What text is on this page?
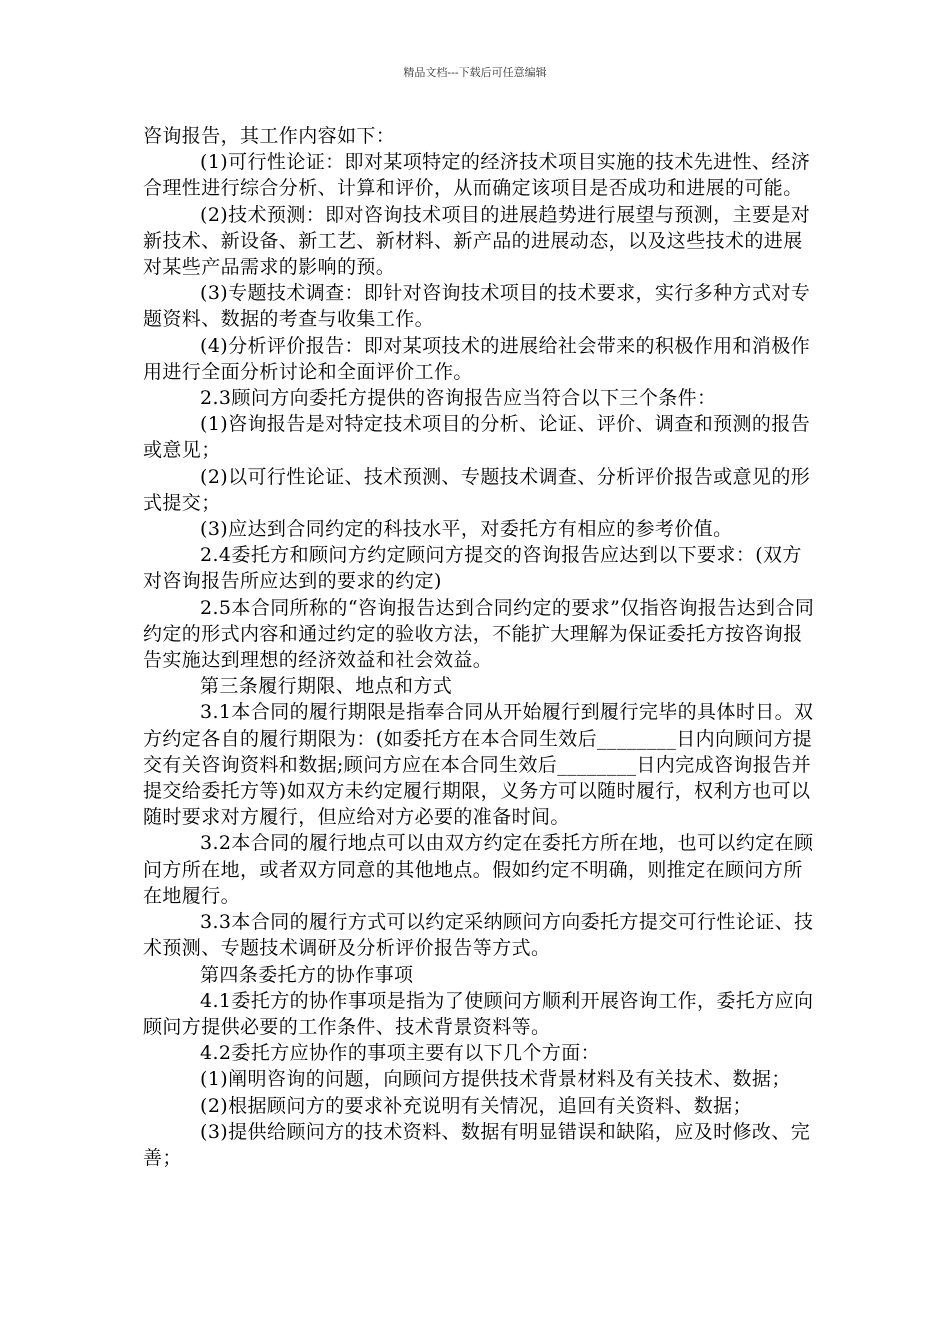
精品文档---下载后可任意编辑

咨询报告，其工作内容如下：

(1)可行性论证：即对某项特定的经济技术项目实施的技术先进性、经济合理性进行综合分析、计算和评价，从而确定该项目是否成功和进展的可能。

(2)技术预测：即对咨询技术项目的进展趋势进行展望与预测，主要是对新技术、新设备、新工艺、新材料、新产品的进展动态，以及这些技术的进展对某些产品需求的影响的预。

(3)专题技术调查：即针对咨询技术项目的技术要求，实行多种方式对专题资料、数据的考查与收集工作。

(4)分析评价报告：即对某项技术的进展给社会带来的积极作用和消极作用进行全面分析讨论和全面评价工作。

2.3顾问方向委托方提供的咨询报告应当符合以下三个条件：

(1)咨询报告是对特定技术项目的分析、论证、评价、调查和预测的报告或意见；

(2)以可行性论证、技术预测、专题技术调查、分析评价报告或意见的形式提交；

(3)应达到合同约定的科技水平，对委托方有相应的参考价值。

2.4委托方和顾问方约定顾问方提交的咨询报告应达到以下要求：(双方对咨询报告所应达到的要求的约定)

2.5本合同所称的“咨询报告达到合同约定的要求”仅指咨询报告达到合同约定的形式内容和通过约定的验收方法，不能扩大理解为保证委托方按咨询报告实施达到理想的经济效益和社会效益。

第三条履行期限、地点和方式

3.1本合同的履行期限是指奉合同从开始履行到履行完毕的具体时日。双方约定各自的履行期限为：(如委托方在本合同生效后________日内向顾问方提交有关咨询资料和数据;顾问方应在本合同生效后________日内完成咨询报告并提交给委托方等)如双方未约定履行期限，义务方可以随时履行，权利方也可以随时要求对方履行，但应给对方必要的准备时间。

3.2本合同的履行地点可以由双方约定在委托方所在地，也可以约定在顾问方所在地，或者双方同意的其他地点。假如约定不明确，则推定在顾问方所在地履行。

3.3本合同的履行方式可以约定采纳顾问方向委托方提交可行性论证、技术预测、专题技术调研及分析评价报告等方式。

第四条委托方的协作事项

4.1委托方的协作事项是指为了使顾问方顺利开展咨询工作，委托方应向顾问方提供必要的工作条件、技术背景资料等。

4.2委托方应协作的事项主要有以下几个方面：

(1)阐明咨询的问题，向顾问方提供技术背景材料及有关技术、数据；

(2)根据顾问方的要求补充说明有关情况，追回有关资料、数据；

(3)提供给顾问方的技术资料、数据有明显错误和缺陷，应及时修改、完善；
